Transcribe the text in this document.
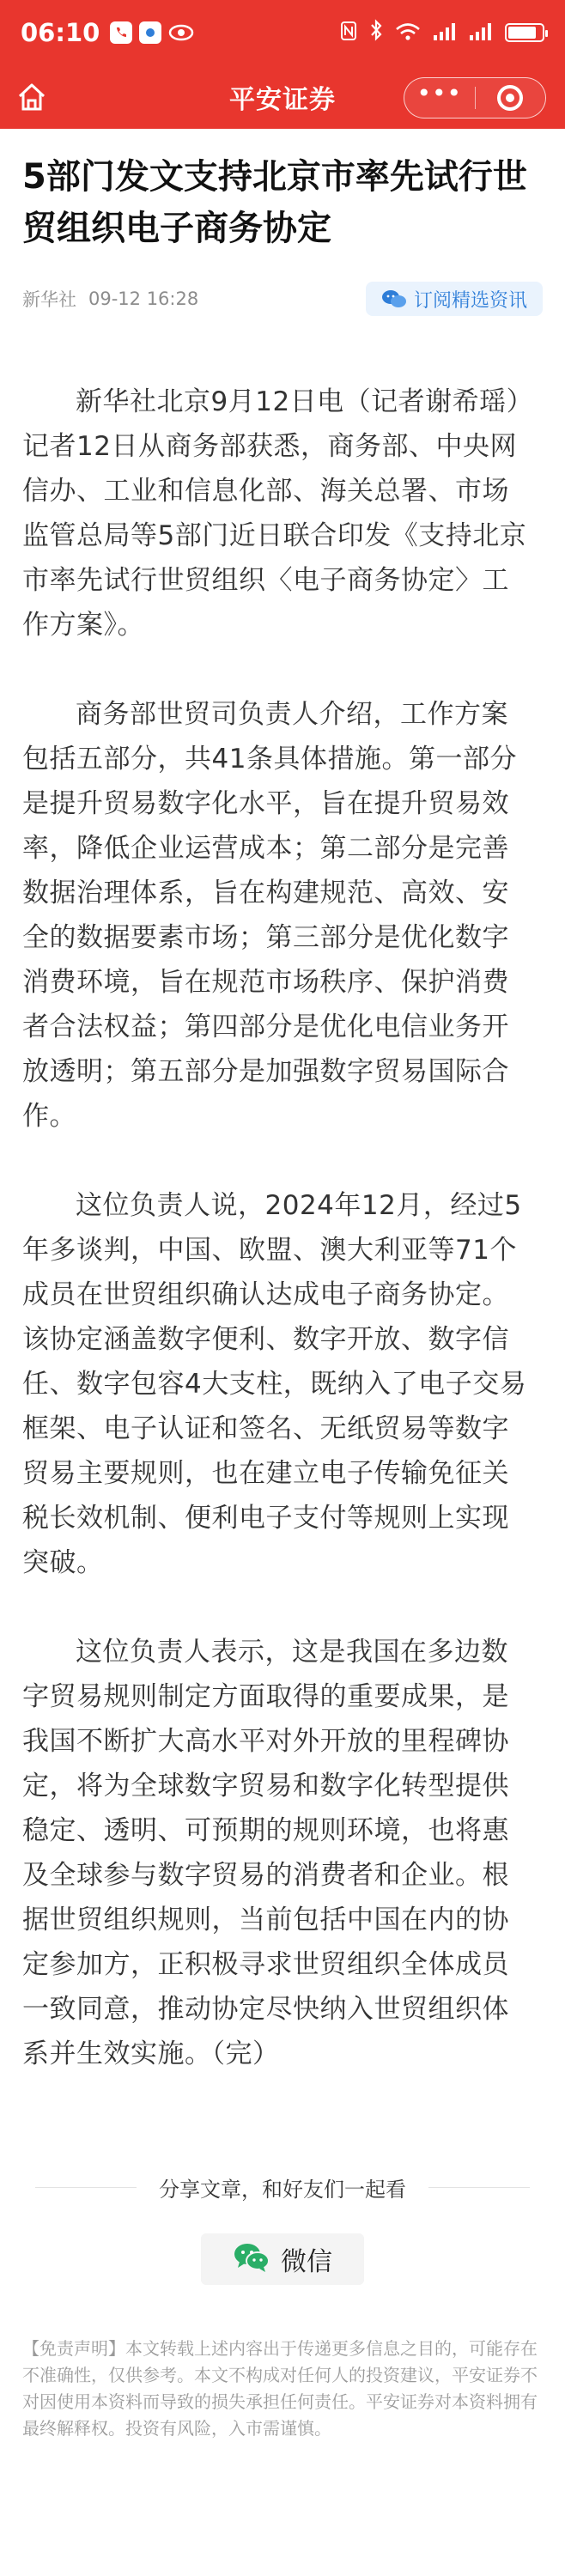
06:10
平安证券	•••
5部门发文支持北京市率先试行世贸组织电子商务协定
新华社 09-12 16:28	订阅精选资讯

新华社北京9月12日电（记者谢希瑶）记者12日从商务部获悉，商务部、中央网信办、工业和信息化部、海关总署、市场监管总局等5部门近日联合印发《支持北京市率先试行世贸组织〈电子商务协定〉工作方案》。

商务部世贸司负责人介绍，工作方案包括五部分，共41条具体措施。第一部分是提升贸易数字化水平，旨在提升贸易效率，降低企业运营成本；第二部分是完善数据治理体系，旨在构建规范、高效、安全的数据要素市场；第三部分是优化数字消费环境，旨在规范市场秩序、保护消费者合法权益；第四部分是优化电信业务开放透明；第五部分是加强数字贸易国际合作。

这位负责人说，2024年12月，经过5年多谈判，中国、欧盟、澳大利亚等71个成员在世贸组织确认达成电子商务协定。该协定涵盖数字便利、数字开放、数字信任、数字包容4大支柱，既纳入了电子交易框架、电子认证和签名、无纸贸易等数字贸易主要规则，也在建立电子传输免征关税长效机制、便利电子支付等规则上实现突破。

这位负责人表示，这是我国在多边数字贸易规则制定方面取得的重要成果，是我国不断扩大高水平对外开放的里程碑协定，将为全球数字贸易和数字化转型提供稳定、透明、可预期的规则环境，也将惠及全球参与数字贸易的消费者和企业。根据世贸组织规则，当前包括中国在内的协定参加方，正积极寻求世贸组织全体成员一致同意，推动协定尽快纳入世贸组织体系并生效实施。（完）

分享文章，和好友们一起看
微信

【免责声明】本文转载上述内容出于传递更多信息之目的，可能存在不准确性，仅供参考。本文不构成对任何人的投资建议，平安证券不对因使用本资料而导致的损失承担任何责任。平安证券对本资料拥有最终解释权。投资有风险，入市需谨慎。
